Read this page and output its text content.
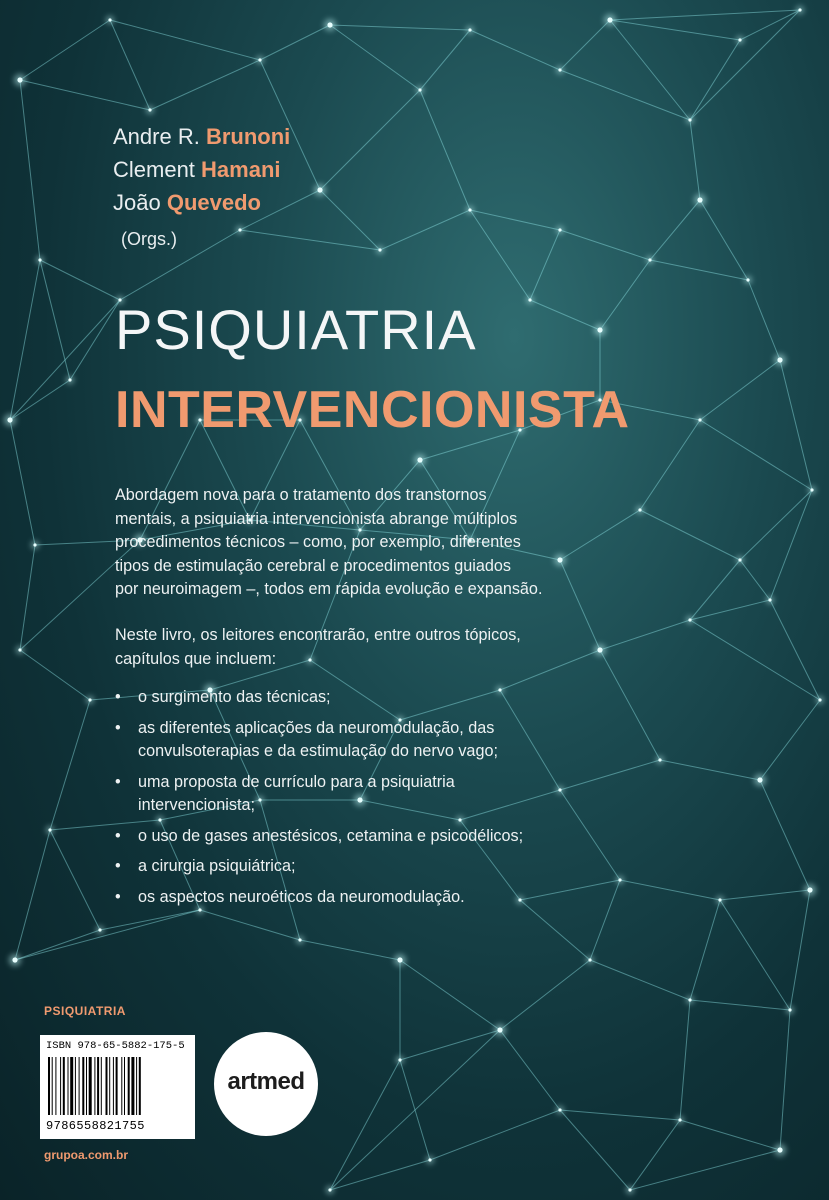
Andre R. Brunoni
Clement Hamani
João Quevedo
(Orgs.)
PSIQUIATRIA
INTERVENCIONISTA
Abordagem nova para o tratamento dos transtornos
mentais, a psiquiatria intervencionista abrange múltiplos
procedimentos técnicos – como, por exemplo, diferentes
tipos de estimulação cerebral e procedimentos guiados
por neuroimagem –, todos em rápida evolução e expansão.
Neste livro, os leitores encontrarão, entre outros tópicos,
capítulos que incluem:
• o surgimento das técnicas;
• as diferentes aplicações da neuromodulação, das
convulsoterapias e da estimulação do nervo vago;
• uma proposta de currículo para a psiquiatria
intervencionista;
• o uso de gases anestésicos, cetamina e psicodélicos;
• a cirurgia psiquiátrica;
• os aspectos neuroéticos da neuromodulação.
PSIQUIATRIA
ISBN 978-65-5882-175-5
9786558821755
artmed
grupoa.com.br
